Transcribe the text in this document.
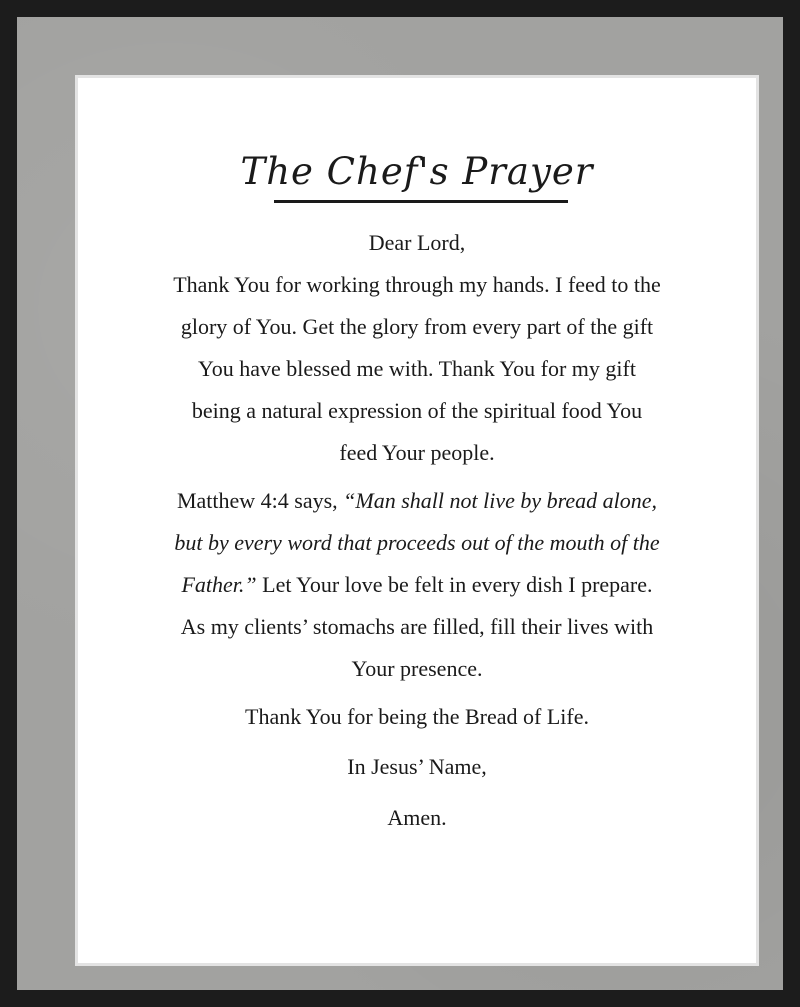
The Chef's Prayer
Dear Lord,
Thank You for working through my hands. I feed to the
glory of You. Get the glory from every part of the gift
You have blessed me with. Thank You for my gift
being a natural expression of the spiritual food You
feed Your people.
Matthew 4:4 says, “Man shall not live by bread alone,
but by every word that proceeds out of the mouth of the
Father.” Let Your love be felt in every dish I prepare.
As my clients’ stomachs are filled, fill their lives with
Your presence.
Thank You for being the Bread of Life.
In Jesus’ Name,
Amen.
